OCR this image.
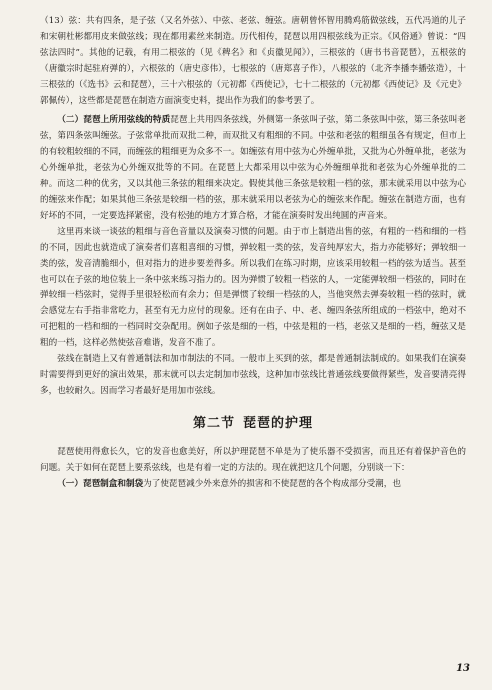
（13）弦：共有四条，是子弦（又名外弦）、中弦、老弦、缠弦。唐朝曾怀智用腾鸡筋做弦线，五代冯道的儿子和宋朝杜彬都用皮来做弦线；现在都用素丝来制造。历代相传，琵琶以用四根弦线为正宗。《风俗通》曾说：“四弦法四时”。其他的记载，有用二根弦的（见《稗名》和《贞徽见闻》），三根弦的（唐书书音琵琶），五根弦的（唐徽宗时起驻府弹的），六根弦的（唐史彦伟），七根弦的（唐郑喜子作），八根弦的（北齐李播李播弦造），十三根弦的（《选书》云和琵琶），三十六根弦的（元初都《西使记》，七十二根弦的（元初都《西使记》及《元史》郭佩传），这些都是琵琶在制造方面演变史料，提出作为我们的参考罢了。

（二）琵琶上所用弦线的特质琵琶上共用四条弦线，外侧第一条弦叫子弦，第二条弦叫中弦，第三条弦叫老弦，第四条弦叫缠弦。子弦常单批而双批二种，而双批又有粗细的不同。中弦和老弦的粗细虽各有规定，但市上的有较粗较细的不同，而缠弦的粗细更为众多不一。如缠弦有用中弦为心外缠单批，又批为心外缠单批，老弦为心外缠单批，老弦为心外缠双批等的不同。在琵琶上大都采用以中弦为心外缠细单批和老弦为心外缠单批的二种。而这二种的优劣，又以其他三条弦的粗细来决定。假使其他三条弦是较粗一档的弦，那末就采用以中弦为心的缠弦来作配；如果其他三条弦是较细一档的弦，那末就采用以老弦为心的缠弦来作配。缠弦在制造方面，也有好坏的不同，一定要选择紧密，没有松弛的地方才算合格，才能在演奏时发出纯圆的声音来。

这里再来谈一谈弦的粗细与音色音量以及演奏习惯的问题。由于市上制造出售的弦，有粗的一档和细的一档的不同，因此也就造成了演奏者们喜粗喜细的习惯，弹较粗一类的弦，发音纯厚宏大，指力亦能够好；弹较细一类的弦，发音清脆细小，但对指力的进步要差得多。所以我们在练习时期，应该采用较粗一档的弦为适当。甚至也可以在子弦的地位装上一条中弦来练习指力的。因为弹惯了较粗一档弦的人，一定能弹较细一档弦的，同时在弹较细一档弦时，觉得手里很轻松而有余力；但是弹惯了较细一档弦的人，当他突然去弹奏较粗一档的弦时，就会感觉左右手指非常吃力，甚至有无力应付的现象。还有在由子、中、老、缠四条弦所组成的一档弦中，绝对不可把粗的一档和细的一档同时交杂配用。例如子弦是细的一档，中弦是粗的一档，老弦又是细的一档，缠弦又是粗的一档，这样必然使弦音难谐，发音不准了。

弦线在制造上又有普通制法和加市制法的不同。一般市上买到的弦，都是普通制法制成的。如果我们在演奏时需要得到更好的演出效果，那末就可以去定制加市弦线，这种加市弦线比普通弦线要做得紧些，发音要清亮得多，也较耐久。因而学习者最好是用加市弦线。

第二节 琵琶的护理

琵琶使用得愈长久，它的发音也愈美好，所以护理琵琶不单是为了使乐器不受损害，而且还有着保护音色的问题。关于如何在琵琶上要系弦线，也是有着一定的方法的。现在就把这几个问题，分别谈一下：

（一）琵琶制盒和制袋为了使琵琶减少外来意外的损害和不使琵琶的各个构成部分受潮，也

13
